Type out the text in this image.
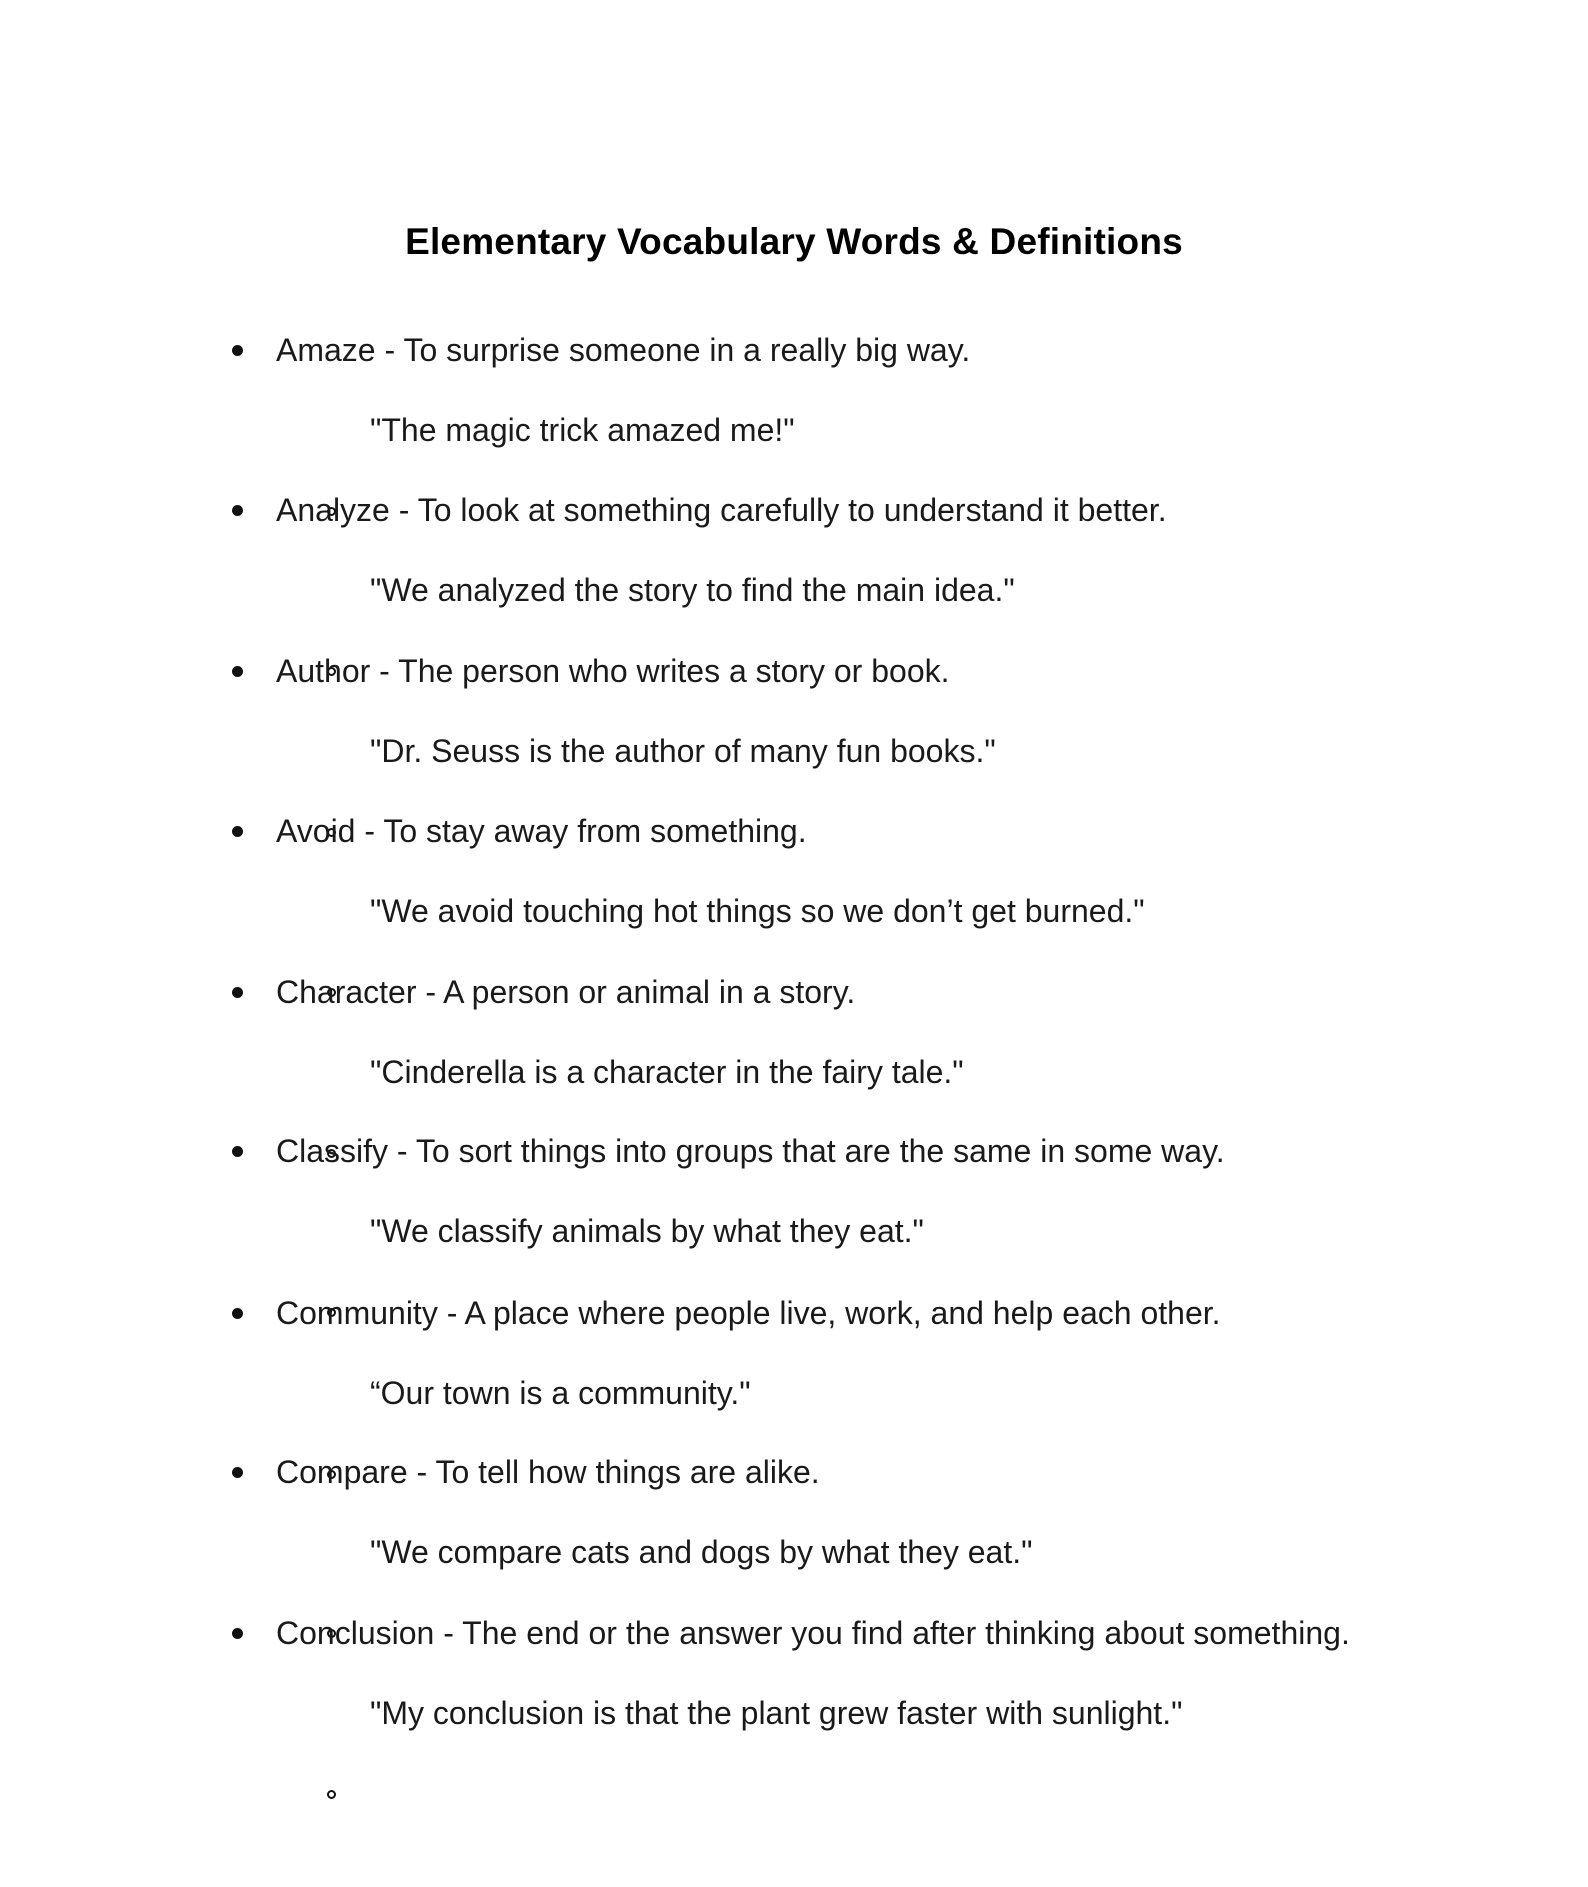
Elementary Vocabulary Words & Definitions
Amaze - To surprise someone in a really big way.
"The magic trick amazed me!"
Analyze - To look at something carefully to understand it better.
"We analyzed the story to find the main idea."
Author - The person who writes a story or book.
"Dr. Seuss is the author of many fun books."
Avoid - To stay away from something.
"We avoid touching hot things so we don’t get burned."
Character - A person or animal in a story.
"Cinderella is a character in the fairy tale."
Classify - To sort things into groups that are the same in some way.
"We classify animals by what they eat."
Community - A place where people live, work, and help each other.
“Our town is a community."
Compare - To tell how things are alike.
"We compare cats and dogs by what they eat."
Conclusion - The end or the answer you find after thinking about something.
"My conclusion is that the plant grew faster with sunlight."
